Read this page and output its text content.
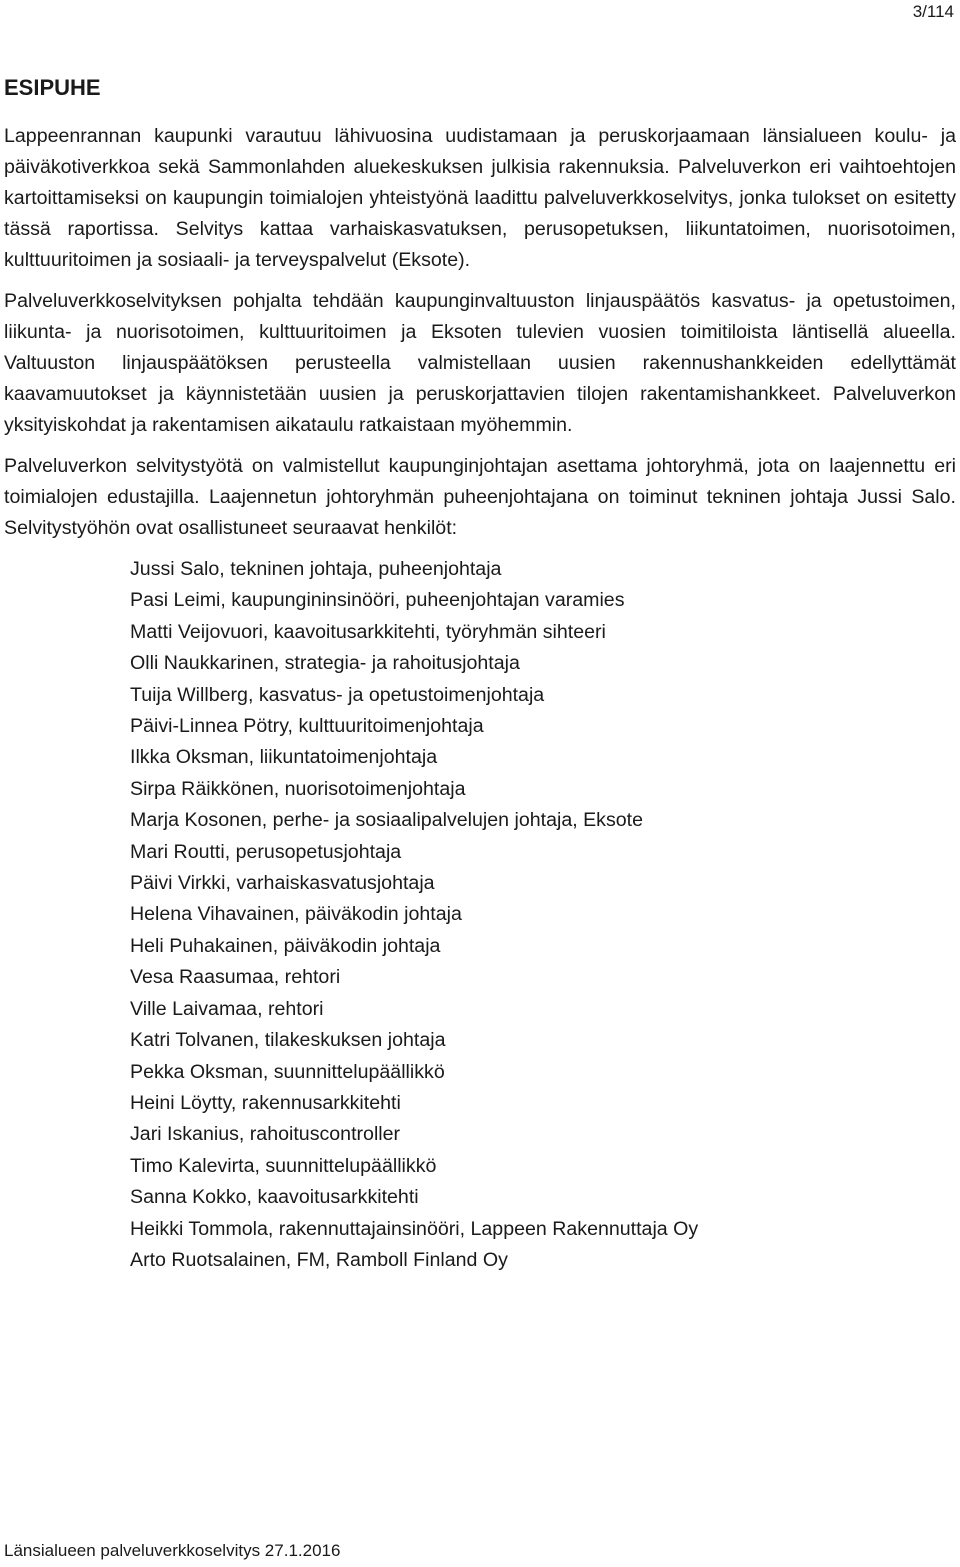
3/114
ESIPUHE

Lappeenrannan kaupunki varautuu lähivuosina uudistamaan ja peruskorjaamaan länsialueen koulu- ja päiväkotiverkkoa sekä Sammonlahden aluekeskuksen julkisia rakennuksia. Palveluverkon eri vaihtoehtojen kartoittamiseksi on kaupungin toimialojen yhteistyönä laadittu palveluverkkoselvitys, jonka tulokset on esitetty tässä raportissa. Selvitys kattaa varhaiskasvatuksen, perusopetuksen, liikuntatoimen, nuorisotoimen, kulttuuritoimen ja sosiaali- ja terveyspalvelut (Eksote).

Palveluverkkoselvityksen pohjalta tehdään kaupunginvaltuuston linjauspäätös kasvatus- ja opetustoimen, liikunta- ja nuorisotoimen, kulttuuritoimen ja Eksoten tulevien vuosien toimitiloista läntisellä alueella. Valtuuston linjauspäätöksen perusteella valmistellaan uusien rakennushankkeiden edellyttämät kaavamuutokset ja käynnistetään uusien ja peruskorjattavien tilojen rakentamishankkeet. Palveluverkon yksityiskohdat ja rakentamisen aikataulu ratkaistaan myöhemmin.

Palveluverkon selvitystyötä on valmistellut kaupunginjohtajan asettama johtoryhmä, jota on laajennettu eri toimialojen edustajilla. Laajennetun johtoryhmän puheenjohtajana on toiminut tekninen johtaja Jussi Salo. Selvitystyöhön ovat osallistuneet seuraavat henkilöt:

Jussi Salo, tekninen johtaja, puheenjohtaja
Pasi Leimi, kaupungininsinööri, puheenjohtajan varamies
Matti Veijovuori, kaavoitusarkkitehti, työryhmän sihteeri
Olli Naukkarinen, strategia- ja rahoitusjohtaja
Tuija Willberg, kasvatus- ja opetustoimenjohtaja
Päivi-Linnea Pötry, kulttuuritoimenjohtaja
Ilkka Oksman, liikuntatoimenjohtaja
Sirpa Räikkönen, nuorisotoimenjohtaja
Marja Kosonen, perhe- ja sosiaalipalvelujen johtaja, Eksote
Mari Routti, perusopetusjohtaja
Päivi Virkki, varhaiskasvatusjohtaja
Helena Vihavainen, päiväkodin johtaja
Heli Puhakainen, päiväkodin johtaja
Vesa Raasumaa, rehtori
Ville Laivamaa, rehtori
Katri Tolvanen, tilakeskuksen johtaja
Pekka Oksman, suunnittelupäällikkö
Heini Löytty, rakennusarkkitehti
Jari Iskanius, rahoituscontroller
Timo Kalevirta, suunnittelupäällikkö
Sanna Kokko, kaavoitusarkkitehti
Heikki Tommola, rakennuttajainsinööri, Lappeen Rakennuttaja Oy
Arto Ruotsalainen, FM, Ramboll Finland Oy
Länsialueen palveluverkkoselvitys 27.1.2016
